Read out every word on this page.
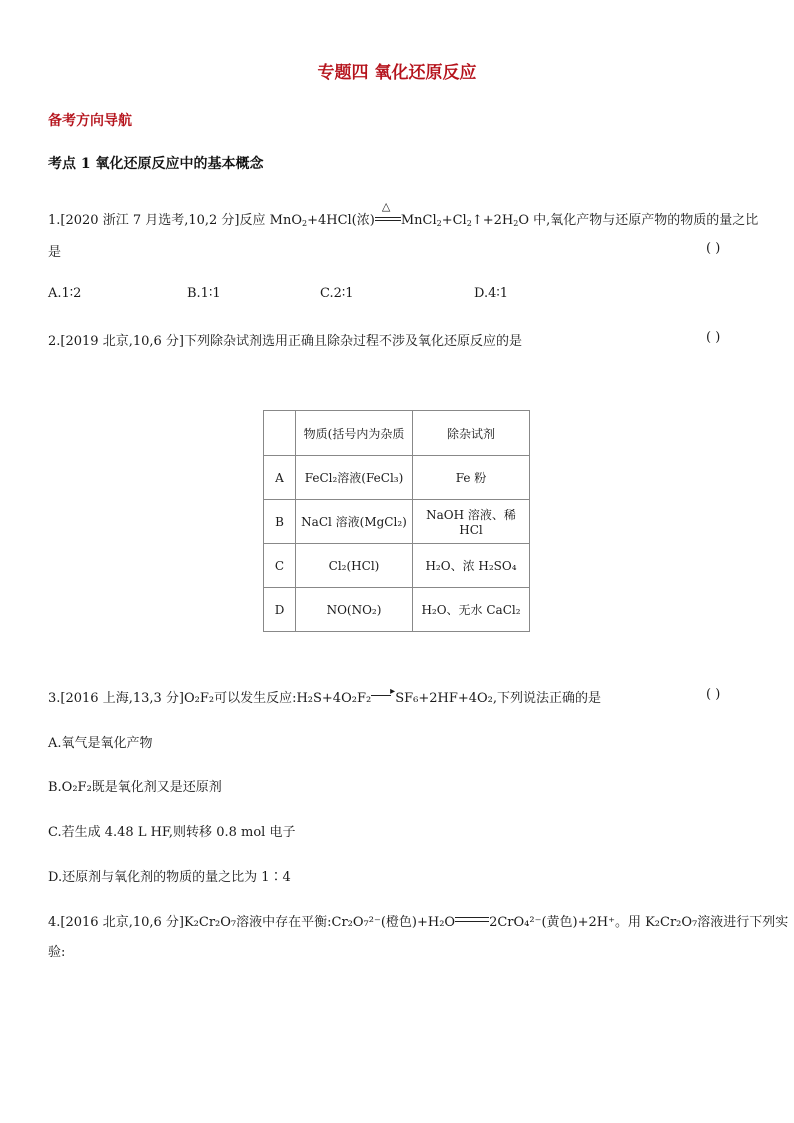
专题四 氧化还原反应
备考方向导航
考点 1 氧化还原反应中的基本概念
1.[2020 浙江 7 月选考,10,2 分]反应 MnO$_2$+4HCl(浓)
△
$MnCl_2+Cl_2↑+2H_2O$ 中,氧化产物与还原产物的物质的量之比
是	( )
A.1∶2	B.1∶1	C.2∶1	D.4∶1
2.[2019 北京,10,6 分]下列除杂试剂选用正确且除杂过程不涉及氧化还原反应的是	( )
	物质(括号内为杂质	除杂试剂
A	FeCl₂溶液(FeCl₃)	Fe 粉
B	NaCl 溶液(MgCl₂)	NaOH 溶液、稀 HCl
C	Cl₂(HCl)	H₂O、浓 H₂SO₄
D	NO(NO₂)	H₂O、无水 CaCl₂
3.[2016 上海,13,3 分]O₂F₂可以发生反应:H₂S+4O₂F₂ ▸ SF₆+2HF+4O₂,下列说法正确的是	( )
A.氧气是氧化产物
B.O₂F₂既是氧化剂又是还原剂
C.若生成 4.48 L HF,则转移 0.8 mol 电子
D.还原剂与氧化剂的物质的量之比为 1∶4
4.[2016 北京,10,6 分]K₂Cr₂O₇溶液中存在平衡:Cr₂O₇²⁻(橙色)+H₂O	2CrO₄²⁻(黄色)+2H⁺。用 K₂Cr₂O₇溶液进行下列实
验:
